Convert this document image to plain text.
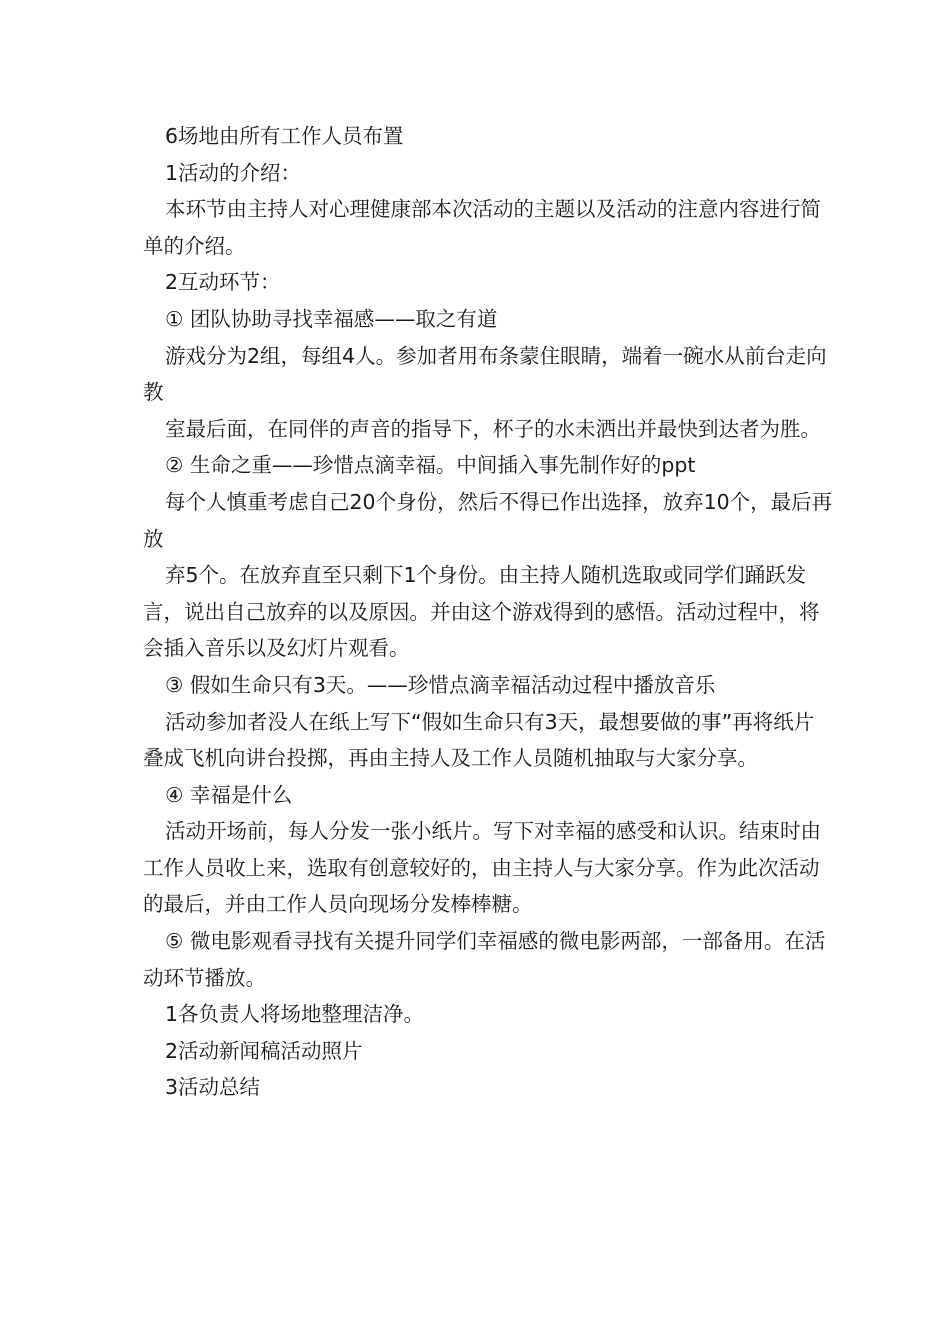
6场地由所有工作人员布置

1活动的介绍：

本环节由主持人对心理健康部本次活动的主题以及活动的注意内容进行简单的介绍。

2互动环节：

① 团队协助寻找幸福感——取之有道

游戏分为2组，每组4人。参加者用布条蒙住眼睛，端着一碗水从前台走向教

室最后面，在同伴的声音的指导下，杯子的水未洒出并最快到达者为胜。

② 生命之重——珍惜点滴幸福。中间插入事先制作好的ppt

每个人慎重考虑自己20个身份，然后不得已作出选择，放弃10个，最后再放

弃5个。在放弃直至只剩下1个身份。由主持人随机选取或同学们踊跃发言，说出自己放弃的以及原因。并由这个游戏得到的感悟。活动过程中，将会插入音乐以及幻灯片观看。

③ 假如生命只有3天。——珍惜点滴幸福活动过程中播放音乐

活动参加者没人在纸上写下“假如生命只有3天，最想要做的事”再将纸片叠成飞机向讲台投掷，再由主持人及工作人员随机抽取与大家分享。

④ 幸福是什么

活动开场前，每人分发一张小纸片。写下对幸福的感受和认识。结束时由工作人员收上来，选取有创意较好的，由主持人与大家分享。作为此次活动的最后，并由工作人员向现场分发棒棒糖。

⑤ 微电影观看寻找有关提升同学们幸福感的微电影两部，一部备用。在活动环节播放。

1各负责人将场地整理洁净。

2活动新闻稿活动照片

3活动总结
